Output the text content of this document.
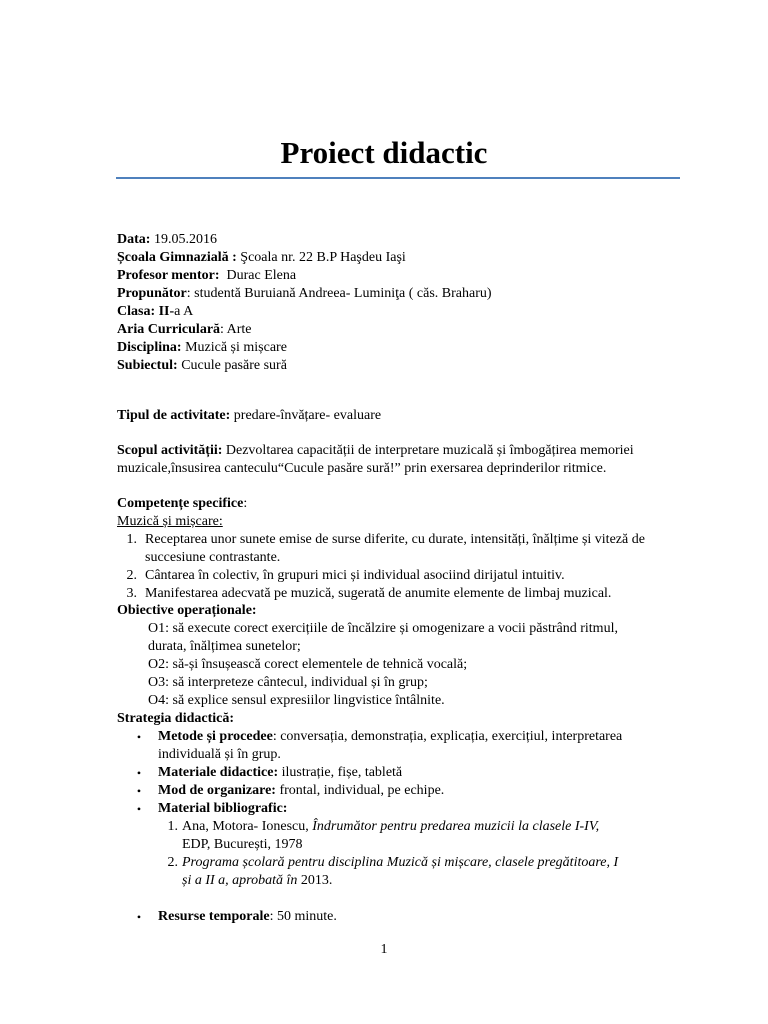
Proiect didactic
Data: 19.05.2016
Școala Gimnazială : Şcoala nr. 22 B.P Haşdeu Iaşi
Profesor mentor:  Durac Elena
Propunător: studentă Buruiană Andreea- Luminiţa ( căs. Braharu)
Clasa: II-a A
Aria Curriculară: Arte
Disciplina: Muzică și mișcare
Subiectul: Cucule pasăre sură
Tipul de activitate: predare-învățare- evaluare
Scopul activității: Dezvoltarea capacității de interpretare muzicală și îmbogățirea memoriei
muzicale,însusirea canteculu“Cucule pasăre sură!” prin exersarea deprinderilor ritmice.
Competențe specifice:
Muzică și mișcare:
1. Receptarea unor sunete emise de surse diferite, cu durate, intensități, înălțime și viteză de
succesiune contrastante.
2. Cântarea în colectiv, în grupuri mici și individual asociind dirijatul intuitiv.
3. Manifestarea adecvată pe muzică, sugerată de anumite elemente de limbaj muzical.
Obiective operaționale:
O1: să execute corect exercițiile de încălzire și omogenizare a vocii păstrând ritmul,
durata, înălțimea sunetelor;
O2: să-și însușească corect elementele de tehnică vocală;
O3: să interpreteze cântecul, individual și în grup;
O4: să explice sensul expresiilor lingvistice întâlnite.
Strategia didactică:
• Metode și procedee: conversația, demonstrația, explicația, exercițiul, interpretarea
individuală și în grup.
• Materiale didactice: ilustrație, fișe, tabletă
• Mod de organizare: frontal, individual, pe echipe.
• Material bibliografic:
1. Ana, Motora- Ionescu, Îndrumător pentru predarea muzicii la clasele I-IV,
EDP, București, 1978
2. Programa școlară pentru disciplina Muzică și mișcare, clasele pregătitoare, I
și a II a, aprobată în 2013.
• Resurse temporale: 50 minute.
1
